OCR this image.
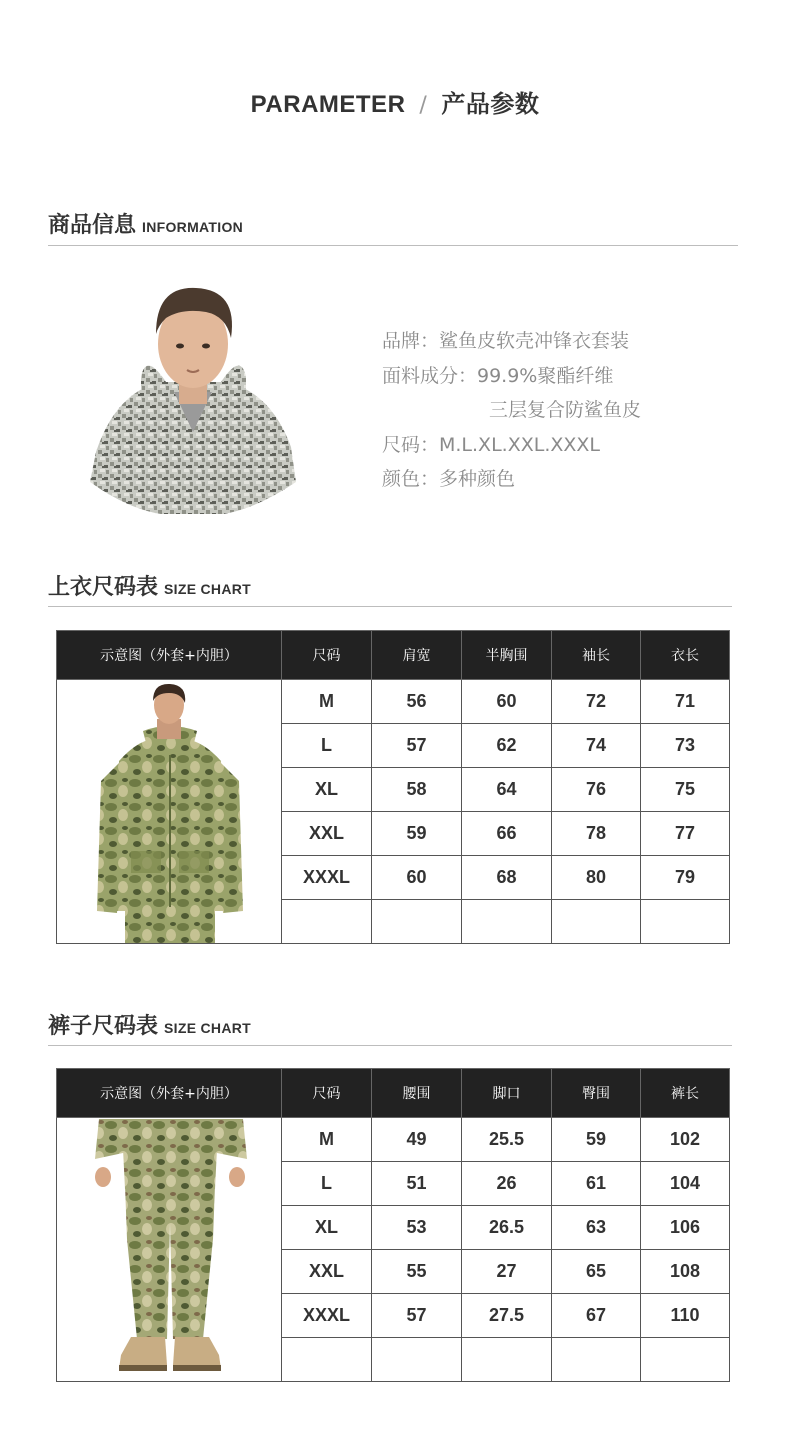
PARAMETER / 产品参数
商品信息 INFORMATION
品牌：鲨鱼皮软壳冲锋衣套装
面料成分：99.9%聚酯纤维
三层复合防鲨鱼皮
尺码：M.L.XL.XXL.XXXL
颜色：多种颜色
上衣尺码表 SIZE CHART
示意图（外套+内胆）	尺码	肩宽	半胸围	袖长	衣长

	M	56	60	72	71
	L	57	62	74	73
	XL	58	64	76	75
	XXL	59	66	78	77
	XXXL	60	68	80	79

裤子尺码表 SIZE CHART
示意图（外套+内胆）	尺码	腰围	脚口	臀围	裤长

	M	49	25.5	59	102
	L	51	26	61	104
	XL	53	26.5	63	106
	XXL	55	27	65	108
	XXXL	57	27.5	67	110
